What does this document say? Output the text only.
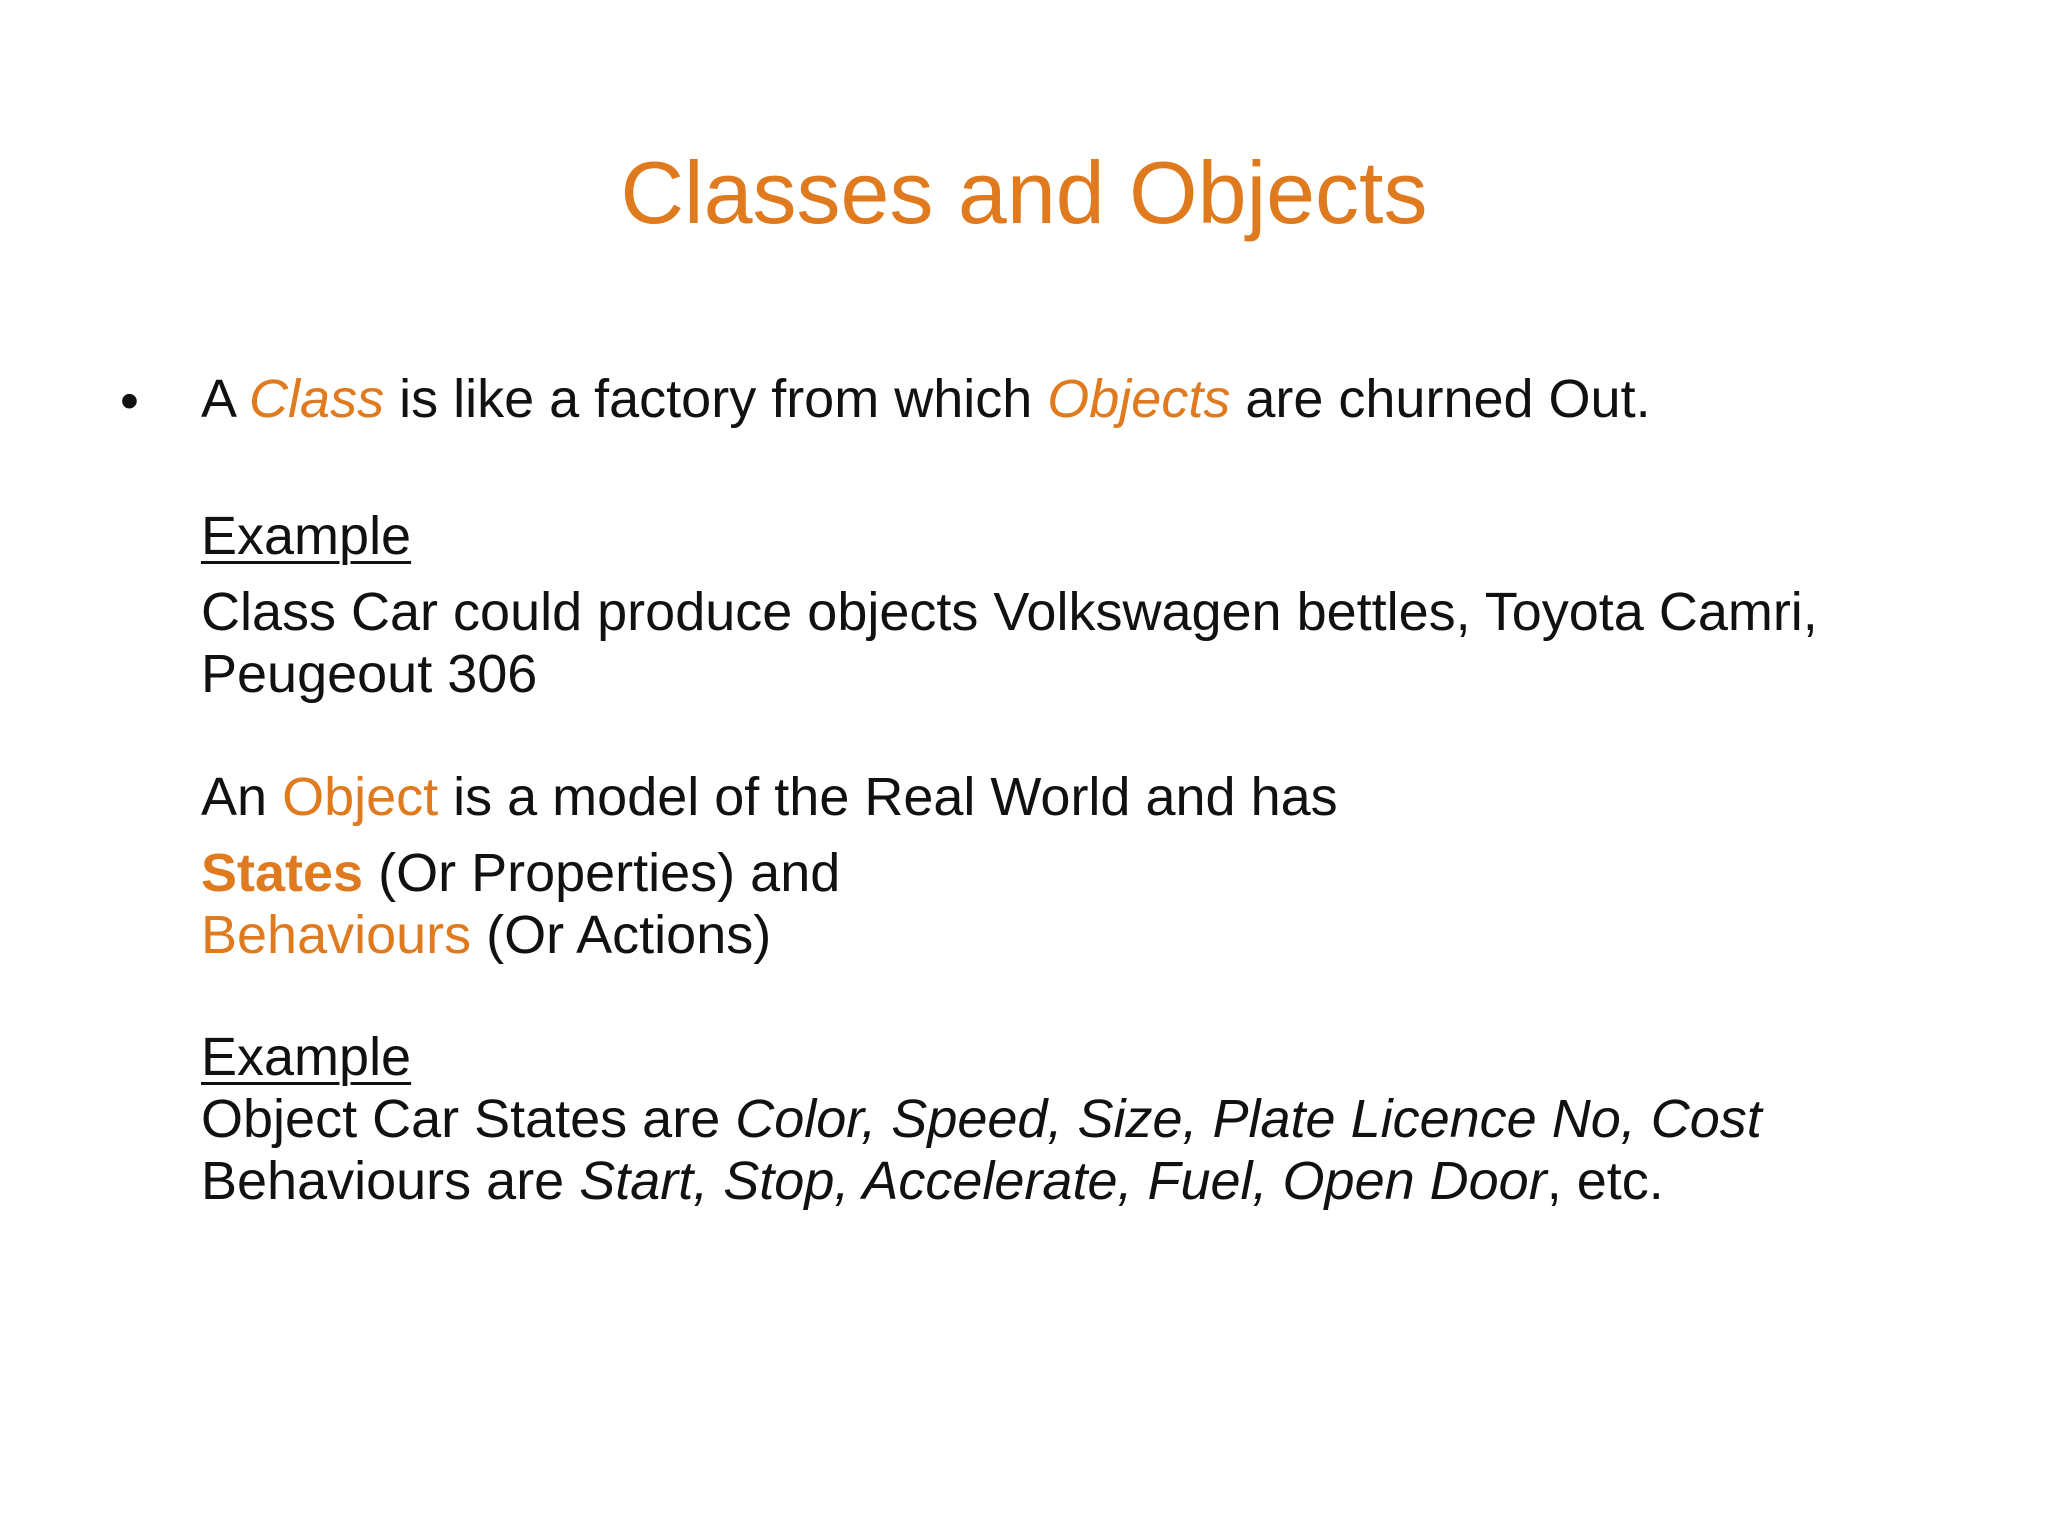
Classes and Objects
• A Class is like a factory from which Objects are churned Out.

Example

Class Car could produce objects Volkswagen bettles, Toyota Camri,

Peugeout 306

An Object is a model of the Real World and has

States (Or Properties) and

Behaviours (Or Actions)

Example

Object Car States are Color, Speed, Size, Plate Licence No, Cost

Behaviours are Start, Stop, Accelerate, Fuel, Open Door, etc.
